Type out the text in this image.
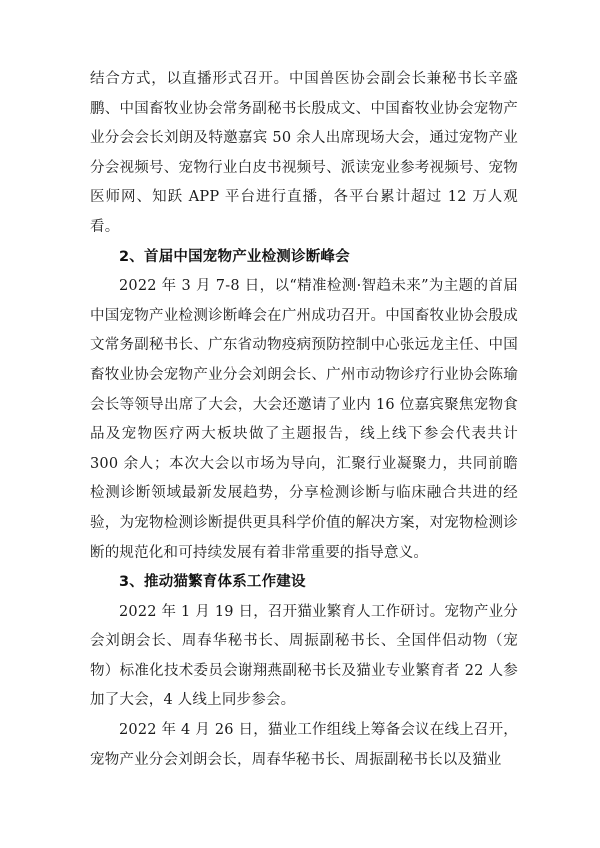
结合方式，以直播形式召开。中国兽医协会副会长兼秘书长辛盛鹏、中国畜牧业协会常务副秘书长殷成文、中国畜牧业协会宠物产业分会会长刘朗及特邀嘉宾 50 余人出席现场大会，通过宠物产业分会视频号、宠物行业白皮书视频号、派读宠业参考视频号、宠物医师网、知跃 APP 平台进行直播，各平台累计超过 12 万人观看。

2、首届中国宠物产业检测诊断峰会

2022 年 3 月 7-8 日，以“精准检测·智趋未来”为主题的首届中国宠物产业检测诊断峰会在广州成功召开。中国畜牧业协会殷成文常务副秘书长、广东省动物疫病预防控制中心张远龙主任、中国畜牧业协会宠物产业分会刘朗会长、广州市动物诊疗行业协会陈瑜会长等领导出席了大会，大会还邀请了业内 16 位嘉宾聚焦宠物食品及宠物医疗两大板块做了主题报告，线上线下参会代表共计 300 余人；本次大会以市场为导向，汇聚行业凝聚力，共同前瞻检测诊断领域最新发展趋势，分享检测诊断与临床融合共进的经验，为宠物检测诊断提供更具科学价值的解决方案，对宠物检测诊断的规范化和可持续发展有着非常重要的指导意义。

3、推动猫繁育体系工作建设

2022 年 1 月 19 日，召开猫业繁育人工作研讨。宠物产业分会刘朗会长、周春华秘书长、周振副秘书长、全国伴侣动物（宠物）标准化技术委员会谢翔燕副秘书长及猫业专业繁育者 22 人参加了大会，4 人线上同步参会。

2022 年 4 月 26 日，猫业工作组线上筹备会议在线上召开，宠物产业分会刘朗会长，周春华秘书长、周振副秘书长以及猫业
